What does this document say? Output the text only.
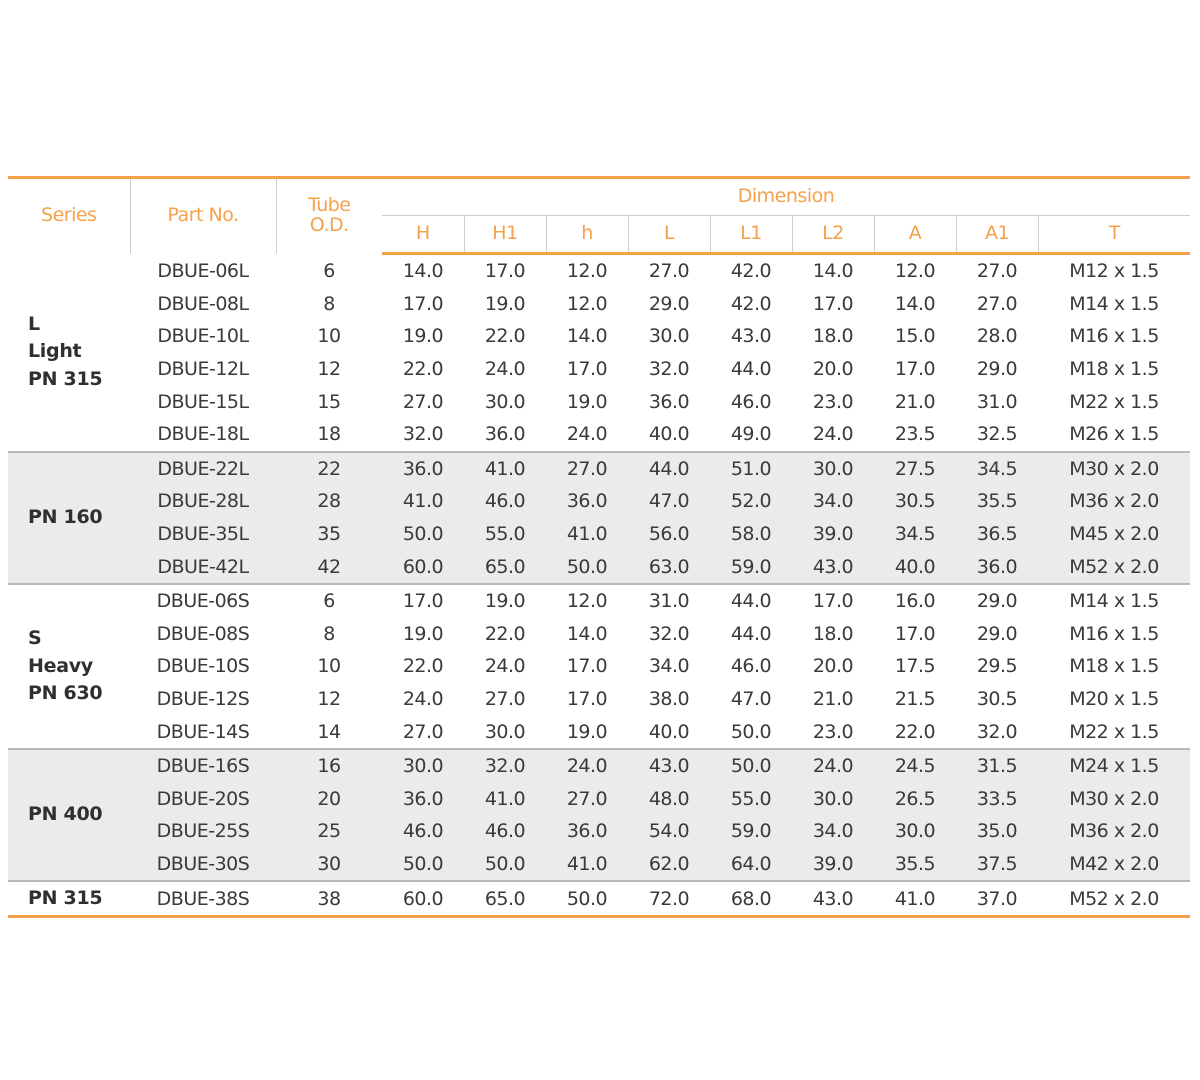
Series	Part No.	Tube
O.D.	Dimension								
			H	H1	h	L	L1	L2	A	A1	T

L
Light
PN 315	DBUE-06L	6	14.0	17.0	12.0	27.0	42.0	14.0	12.0	27.0	M12 x 1.5
	DBUE-08L	8	17.0	19.0	12.0	29.0	42.0	17.0	14.0	27.0	M14 x 1.5
	DBUE-10L	10	19.0	22.0	14.0	30.0	43.0	18.0	15.0	28.0	M16 x 1.5
	DBUE-12L	12	22.0	24.0	17.0	32.0	44.0	20.0	17.0	29.0	M18 x 1.5
	DBUE-15L	15	27.0	30.0	19.0	36.0	46.0	23.0	21.0	31.0	M22 x 1.5
	DBUE-18L	18	32.0	36.0	24.0	40.0	49.0	24.0	23.5	32.5	M26 x 1.5

PN 160	DBUE-22L	22	36.0	41.0	27.0	44.0	51.0	30.0	27.5	34.5	M30 x 2.0
	DBUE-28L	28	41.0	46.0	36.0	47.0	52.0	34.0	30.5	35.5	M36 x 2.0
	DBUE-35L	35	50.0	55.0	41.0	56.0	58.0	39.0	34.5	36.5	M45 x 2.0
	DBUE-42L	42	60.0	65.0	50.0	63.0	59.0	43.0	40.0	36.0	M52 x 2.0

S
Heavy
PN 630	DBUE-06S	6	17.0	19.0	12.0	31.0	44.0	17.0	16.0	29.0	M14 x 1.5
	DBUE-08S	8	19.0	22.0	14.0	32.0	44.0	18.0	17.0	29.0	M16 x 1.5
	DBUE-10S	10	22.0	24.0	17.0	34.0	46.0	20.0	17.5	29.5	M18 x 1.5
	DBUE-12S	12	24.0	27.0	17.0	38.0	47.0	21.0	21.5	30.5	M20 x 1.5
	DBUE-14S	14	27.0	30.0	19.0	40.0	50.0	23.0	22.0	32.0	M22 x 1.5

PN 400	DBUE-16S	16	30.0	32.0	24.0	43.0	50.0	24.0	24.5	31.5	M24 x 1.5
	DBUE-20S	20	36.0	41.0	27.0	48.0	55.0	30.0	26.5	33.5	M30 x 2.0
	DBUE-25S	25	46.0	46.0	36.0	54.0	59.0	34.0	30.0	35.0	M36 x 2.0
	DBUE-30S	30	50.0	50.0	41.0	62.0	64.0	39.0	35.5	37.5	M42 x 2.0

PN 315	DBUE-38S	38	60.0	65.0	50.0	72.0	68.0	43.0	41.0	37.0	M52 x 2.0
